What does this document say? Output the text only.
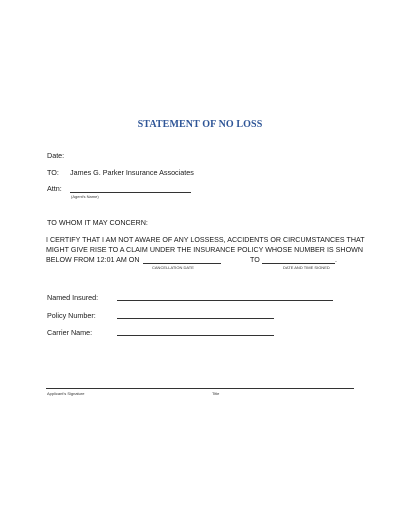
STATEMENT OF NO LOSS
Date:
TO: James G. Parker Insurance Associates
Attn:
(Agent's Name)
TO WHOM IT MAY CONCERN:
I CERTIFY THAT I AM NOT AWARE OF ANY LOSSESS, ACCIDENTS OR CIRCUMSTANCES THAT
MIGHT GIVE RISE TO A CLAIM UNDER THE INSURANCE POLICY WHOSE NUMBER IS SHOWN
BELOW FROM 12:01 AM ON	TO	.
CANCELLATION DATE	DATE AND TIME SIGNED
Named Insured:
Policy Number:
Carrier Name:
Applicant's Signature	Title
